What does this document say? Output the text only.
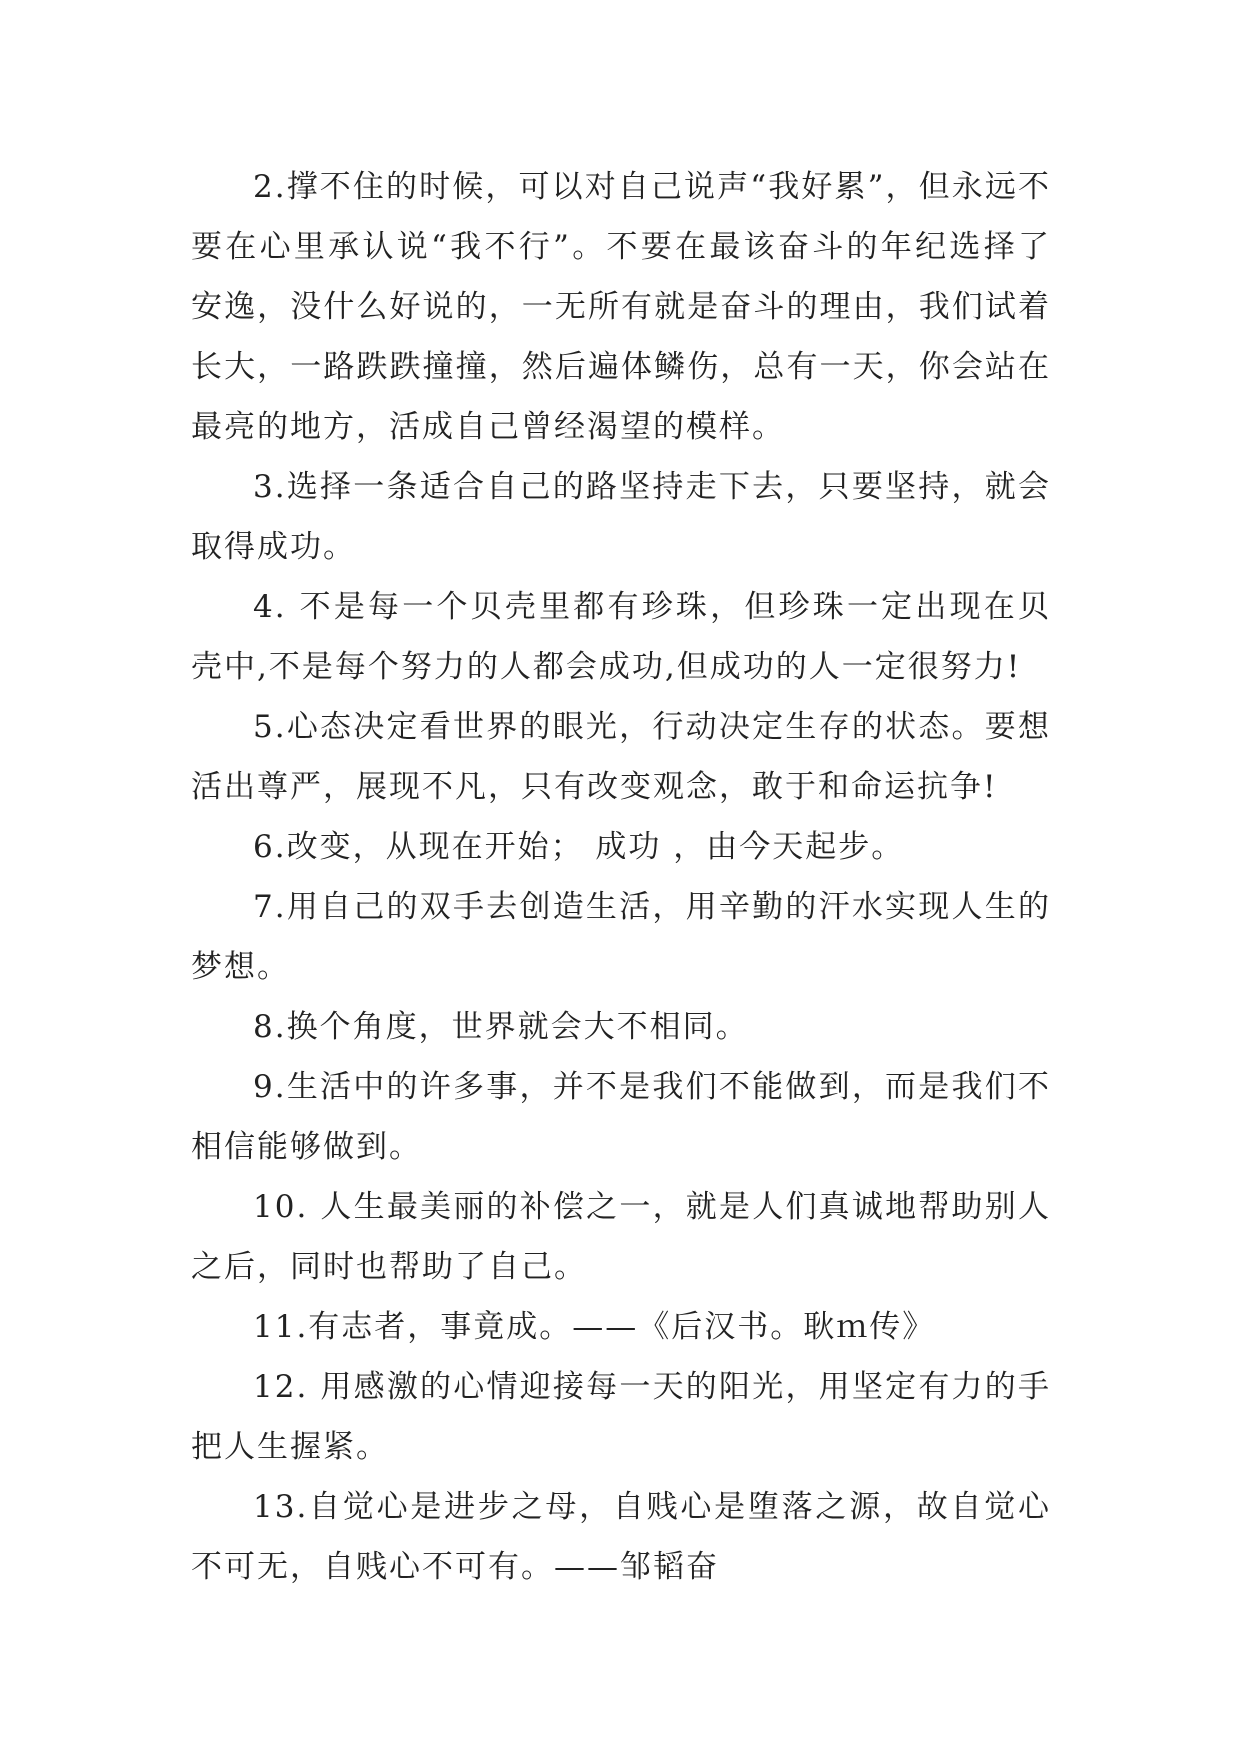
2.撑不住的时候，可以对自己说声“我好累”，但永远不要在心里承认说“我不行”。不要在最该奋斗的年纪选择了安逸，没什么好说的，一无所有就是奋斗的理由，我们试着长大，一路跌跌撞撞，然后遍体鳞伤，总有一天，你会站在最亮的地方，活成自己曾经渴望的模样。

3.选择一条适合自己的路坚持走下去，只要坚持，就会取得成功。

4. 不是每一个贝壳里都有珍珠，但珍珠一定出现在贝壳中,不是每个努力的人都会成功,但成功的人一定很努力!

5.心态决定看世界的眼光，行动决定生存的状态。要想活出尊严，展现不凡，只有改变观念，敢于和命运抗争!

6.改变，从现在开始； 成功 ，由今天起步。

7.用自己的双手去创造生活，用辛勤的汗水实现人生的梦想。

8.换个角度，世界就会大不相同。

9.生活中的许多事，并不是我们不能做到，而是我们不相信能够做到。

10. 人生最美丽的补偿之一，就是人们真诚地帮助别人之后，同时也帮助了自己。

11.有志者，事竟成。——《后汉书。耿ｍ传》

12. 用感激的心情迎接每一天的阳光，用坚定有力的手把人生握紧。

13.自觉心是进步之母，自贱心是堕落之源，故自觉心不可无，自贱心不可有。——邹韬奋
